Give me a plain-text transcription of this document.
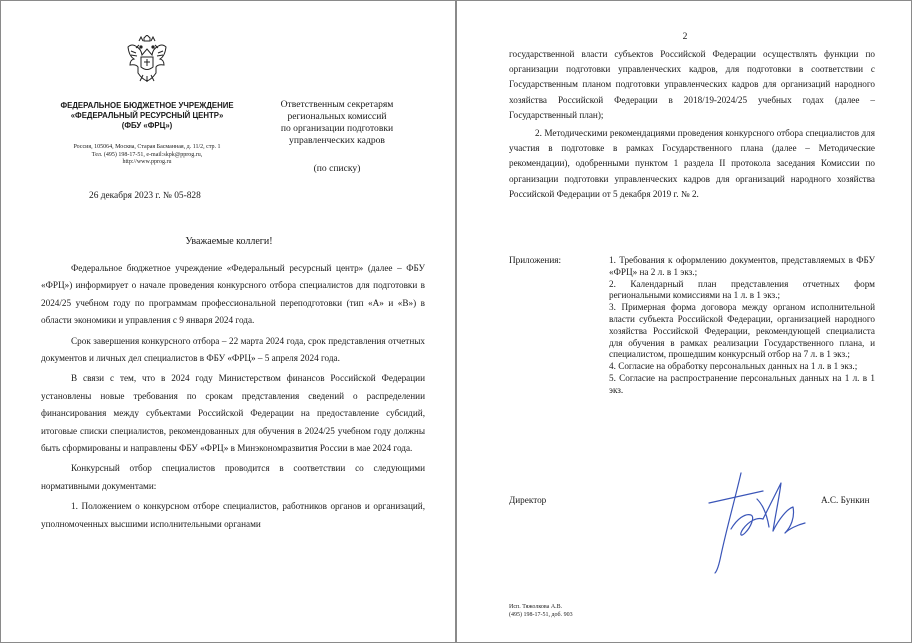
ФЕДЕРАЛЬНОЕ БЮДЖЕТНОЕ УЧРЕЖДЕНИЕ
«ФЕДЕРАЛЬНЫЙ РЕСУРСНЫЙ ЦЕНТР»
(ФБУ «ФРЦ»)
Россия, 105064, Москва, Старая Басманная, д. 11/2, стр. 1
Тел. (495) 198-17-51, e-mail:skpk@pprog.ru,
http://www.pprog.ru
Ответственным секретарям
региональных комиссий
по организации подготовки
управленческих кадров
(по списку)
26 декабря 2023 г. № 05-828
Уважаемые коллеги!

Федеральное бюджетное учреждение «Федеральный ресурсный центр» (далее – ФБУ «ФРЦ») информирует о начале проведения конкурсного отбора специалистов для подготовки в 2024/25 учебном году по программам профессиональной переподготовки (тип «А» и «В») в области экономики и управления с 9 января 2024 года.

Срок завершения конкурсного отбора – 22 марта 2024 года, срок представления отчетных документов и личных дел специалистов в ФБУ «ФРЦ» – 5 апреля 2024 года.

В связи с тем, что в 2024 году Министерством финансов Российской Федерации установлены новые требования по срокам представления сведений о распределении финансирования между субъектами Российской Федерации на предоставление субсидий, итоговые списки специалистов, рекомендованных для обучения в 2024/25 учебном году должны быть сформированы и направлены ФБУ «ФРЦ» в Минэкономразвития России в мае 2024 года.

Конкурсный отбор специалистов проводится в соответствии со следующими нормативными документами:

1. Положением о конкурсном отборе специалистов, работников органов и организаций, уполномоченных высшими исполнительными органами

2

государственной власти субъектов Российской Федерации осуществлять функции по организации подготовки управленческих кадров, для подготовки в соответствии с Государственным планом подготовки управленческих кадров для организаций народного хозяйства Российской Федерации в 2018/19-2024/25 учебных годах (далее – Государственный план);

2. Методическими рекомендациями проведения конкурсного отбора специалистов для участия в подготовке в рамках Государственного плана (далее – Методические рекомендации), одобренными пунктом 1 раздела II протокола заседания Комиссии по организации подготовки управленческих кадров для организаций народного хозяйства Российской Федерации от 5 декабря 2019 г. № 2.

Приложения:	1. Требования к оформлению документов, представляемых в ФБУ «ФРЦ» на 2 л. в 1 экз.;

2. Календарный план представления отчетных форм региональными комиссиями на 1 л. в 1 экз.;

3. Примерная форма договора между органом исполнительной власти субъекта Российской Федерации, организацией народного хозяйства Российской Федерации, рекомендующей специалиста для обучения в рамках реализации Государственного плана, и специалистом, прошедшим конкурсный отбор на 7 л. в 1 экз.;

4. Согласие на обработку персональных данных на 1 л. в 1 экз.;

5. Согласие на распространение персональных данных на 1 л. в 1 экз.

Директор	А.С. Бункин
Исп. Тяжолкова А.В.
(495) 198-17-51, доб. 903
